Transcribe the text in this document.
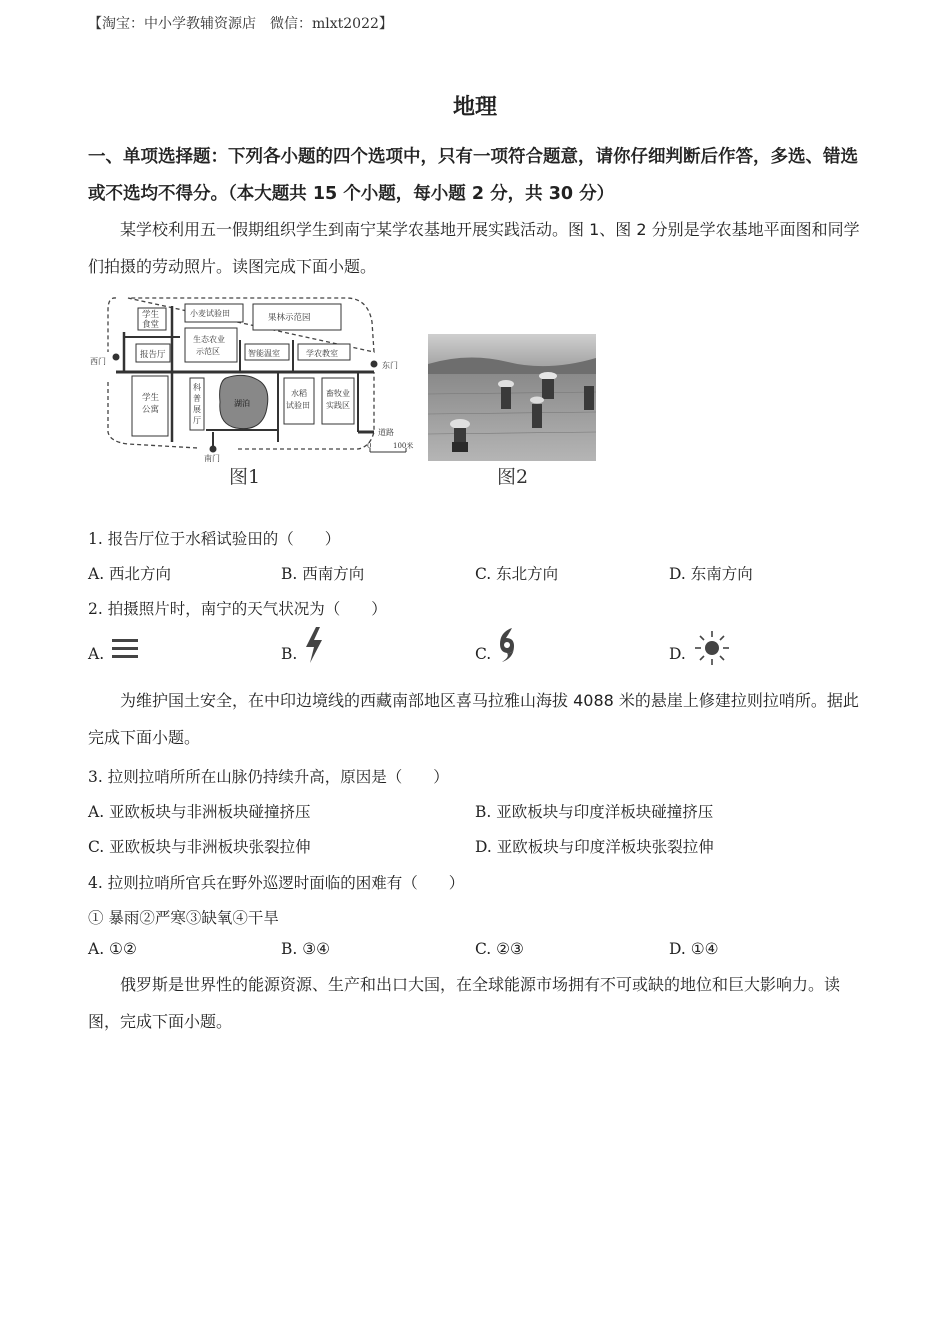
【淘宝：中小学教辅资源店　微信：mlxt2022】
地理
一、单项选择题：下列各小题的四个选项中，只有一项符合题意，请你仔细判断后作答，多选、错选或不选均不得分。（本大题共 15 个小题，每小题 2 分，共 30 分）
某学校利用五一假期组织学生到南宁某学农基地开展实践活动。图 1、图 2 分别是学农基地平面图和同学们拍摄的劳动照片。读图完成下面小题。
学生
食堂
小麦试验田	果林示范园
生态农业
示范区
报告厅	智能温室	学农教室
西门	东门
学生
公寓
科
普
展
厅
湖泊
水稻
试验田
畜牧业
实践区
南门
道路
0	100米
图1	图2
1. 报告厅位于水稻试验田的（　　）
A. 西北方向	B. 西南方向	C. 东北方向	D. 东南方向
2. 拍摄照片时，南宁的天气状况为（　　）
A.	B.	C.	D.
为维护国土安全，在中印边境线的西藏南部地区喜马拉雅山海拔 4088 米的悬崖上修建拉则拉哨所。据此完成下面小题。
3. 拉则拉哨所所在山脉仍持续升高，原因是（　　）
A. 亚欧板块与非洲板块碰撞挤压	B. 亚欧板块与印度洋板块碰撞挤压
C. 亚欧板块与非洲板块张裂拉伸	D. 亚欧板块与印度洋板块张裂拉伸
4. 拉则拉哨所官兵在野外巡逻时面临的困难有（　　）
① 暴雨②严寒③缺氧④干旱
A. ①②	B. ③④	C. ②③	D. ①④
俄罗斯是世界性的能源资源、生产和出口大国，在全球能源市场拥有不可或缺的地位和巨大影响力。读图，完成下面小题。
